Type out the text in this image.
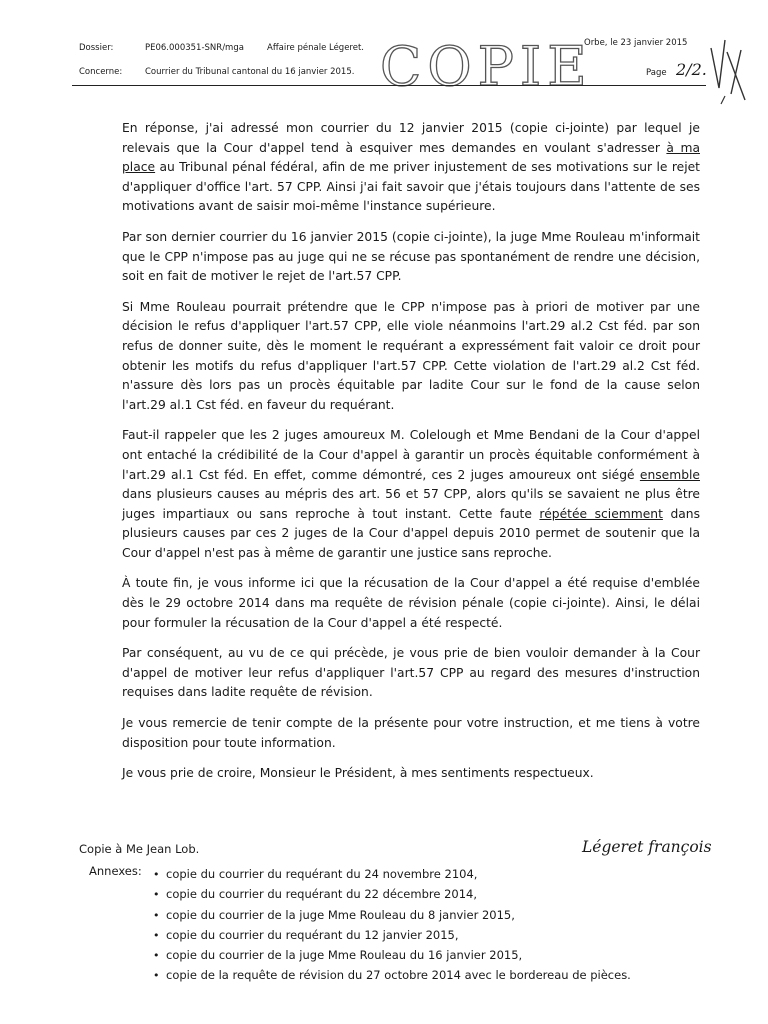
Dossier:	PE06.000351-SNR/mga	Affaire pénale Légeret.	Orbe, le 23 janvier 2015
Concerne:	Courrier du Tribunal cantonal du 16 janvier 2015. COPIE	Page 2/2.

En réponse, j'ai adressé mon courrier du 12 janvier 2015 (copie ci-jointe) par lequel je relevais que la Cour d'appel tend à esquiver mes demandes en voulant s'adresser à ma place au Tribunal pénal fédéral, afin de me priver injustement de ses motivations sur le rejet d'appliquer d'office l'art. 57 CPP. Ainsi j'ai fait savoir que j'étais toujours dans l'attente de ses motivations avant de saisir moi-même l'instance supérieure.

Par son dernier courrier du 16 janvier 2015 (copie ci-jointe), la juge Mme Rouleau m'informait que le CPP n'impose pas au juge qui ne se récuse pas spontanément de rendre une décision, soit en fait de motiver le rejet de l'art.57 CPP.

Si Mme Rouleau pourrait prétendre que le CPP n'impose pas à priori de motiver par une décision le refus d'appliquer l'art.57 CPP, elle viole néanmoins l'art.29 al.2 Cst féd. par son refus de donner suite, dès le moment le requérant a expressément fait valoir ce droit pour obtenir les motifs du refus d'appliquer l'art.57 CPP. Cette violation de l'art.29 al.2 Cst féd. n'assure dès lors pas un procès équitable par ladite Cour sur le fond de la cause selon l'art.29 al.1 Cst féd. en faveur du requérant.

Faut-il rappeler que les 2 juges amoureux M. Colelough et Mme Bendani de la Cour d'appel ont entaché la crédibilité de la Cour d'appel à garantir un procès équitable conformément à l'art.29 al.1 Cst féd. En effet, comme démontré, ces 2 juges amoureux ont siégé ensemble dans plusieurs causes au mépris des art. 56 et 57 CPP, alors qu'ils se savaient ne plus être juges impartiaux ou sans reproche à tout instant. Cette faute répétée sciemment dans plusieurs causes par ces 2 juges de la Cour d'appel depuis 2010 permet de soutenir que la Cour d'appel n'est pas à même de garantir une justice sans reproche.

À toute fin, je vous informe ici que la récusation de la Cour d'appel a été requise d'emblée dès le 29 octobre 2014 dans ma requête de révision pénale (copie ci-jointe). Ainsi, le délai pour formuler la récusation de la Cour d'appel a été respecté.

Par conséquent, au vu de ce qui précède, je vous prie de bien vouloir demander à la Cour d'appel de motiver leur refus d'appliquer l'art.57 CPP au regard des mesures d'instruction requises dans ladite requête de révision.

Je vous remercie de tenir compte de la présente pour votre instruction, et me tiens à votre disposition pour toute information.

Je vous prie de croire, Monsieur le Président, à mes sentiments respectueux.

Copie à Me Jean Lob.	Légeret françois
Annexes: • copie du courrier du requérant du 24 novembre 2104,
• copie du courrier du requérant du 22 décembre 2014,
• copie du courrier de la juge Mme Rouleau du 8 janvier 2015,
• copie du courrier du requérant du 12 janvier 2015,
• copie du courrier de la juge Mme Rouleau du 16 janvier 2015,
• copie de la requête de révision du 27 octobre 2014 avec le bordereau de pièces.
